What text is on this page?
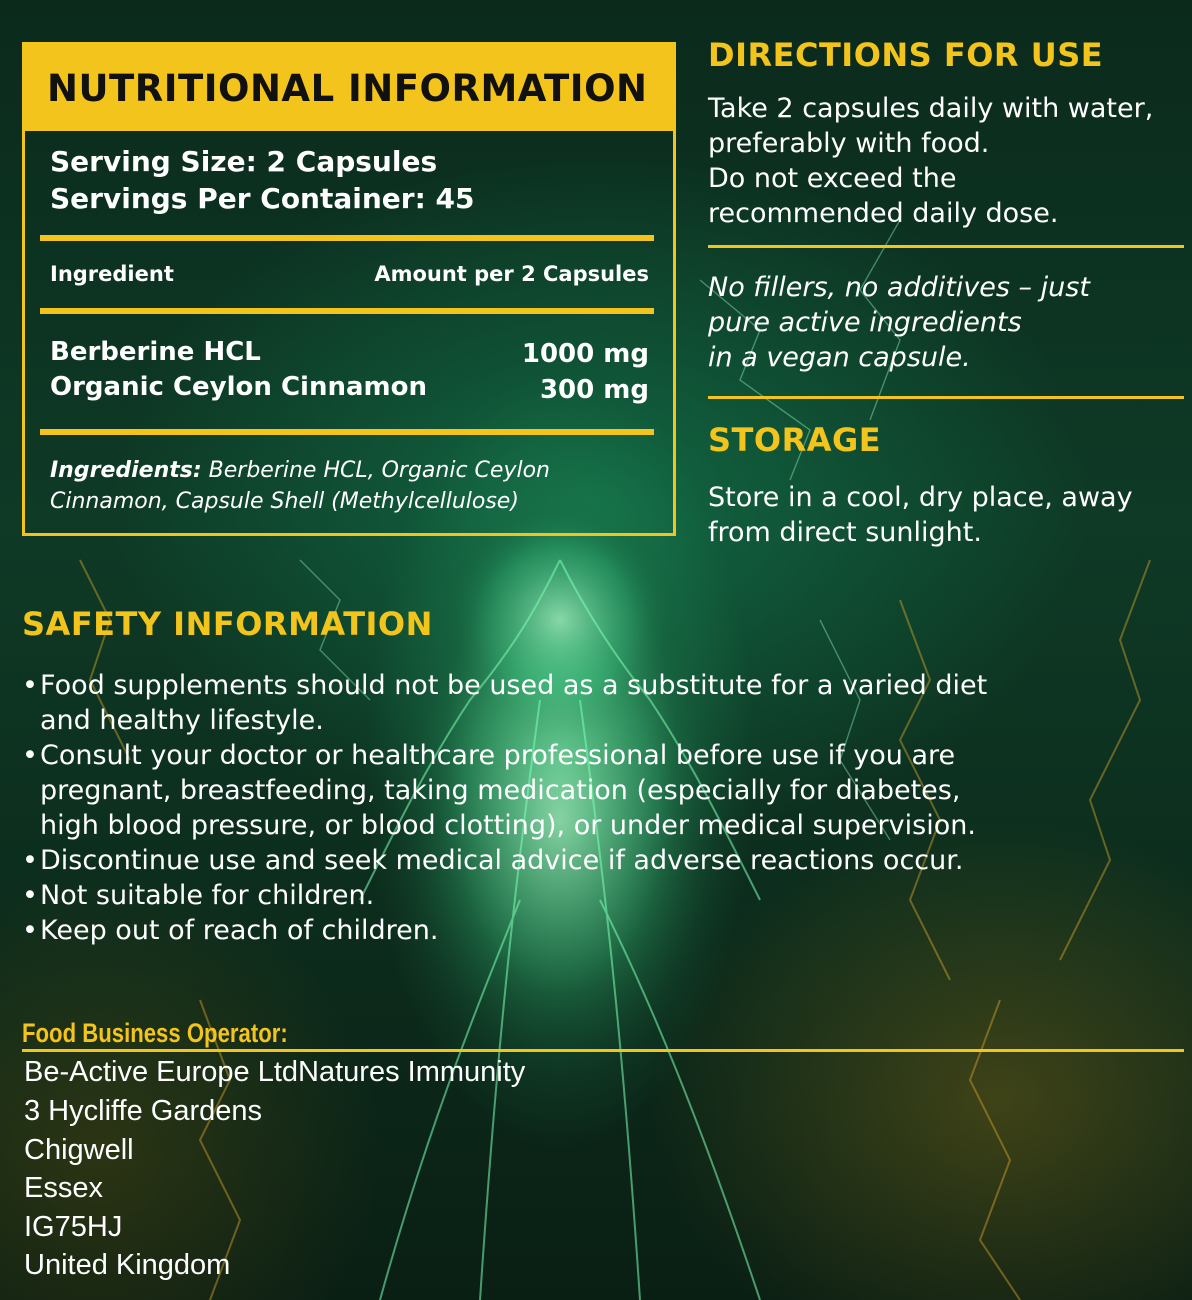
NUTRITIONAL INFORMATION
Serving Size: 2 Capsules
Servings Per Container: 45
Ingredient	Amount per 2 Capsules
Berberine HCL	1000 mg
Organic Ceylon Cinnamon	300 mg
Ingredients: Berberine HCL, Organic Ceylon
Cinnamon, Capsule Shell (Methylcellulose)
DIRECTIONS FOR USE
Take 2 capsules daily with water,
preferably with food.
Do not exceed the
recommended daily dose.
No fillers, no additives – just
pure active ingredients
in a vegan capsule.
STORAGE
Store in a cool, dry place, away
from direct sunlight.
SAFETY INFORMATION
•Food supplements should not be used as a substitute for a varied diet
and healthy lifestyle.
•Consult your doctor or healthcare professional before use if you are
pregnant, breastfeeding, taking medication (especially for diabetes,
high blood pressure, or blood clotting), or under medical supervision.
•Discontinue use and seek medical advice if adverse reactions occur.
•Not suitable for children.
•Keep out of reach of children.
Food Business Operator:
Be-Active Europe LtdNatures Immunity
3 Hycliffe Gardens
Chigwell
Essex
IG75HJ
United Kingdom
